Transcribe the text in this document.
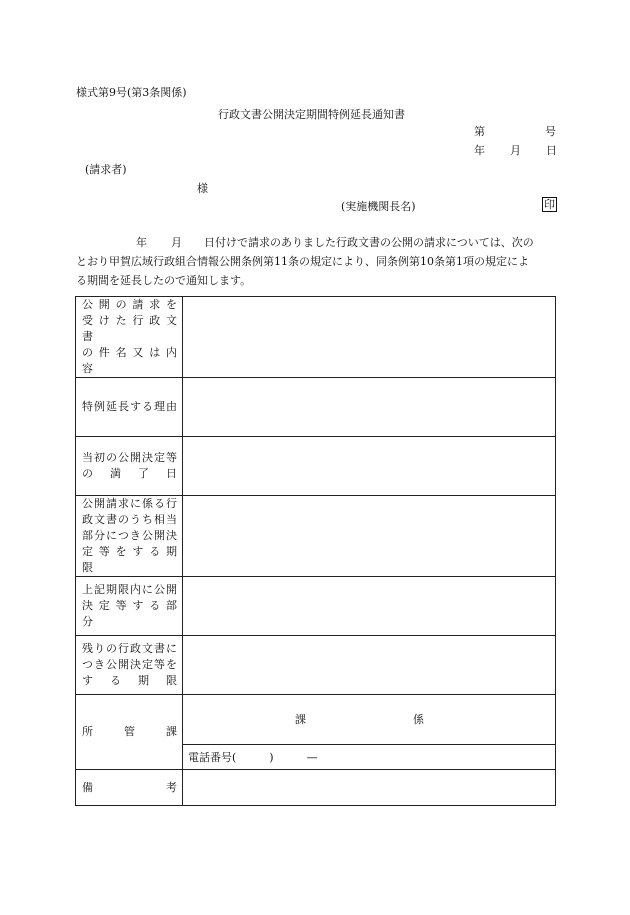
様式第9号(第3条関係)
行政文書公開決定期間特例延長通知書
第	号
年 月 日
(請求者)
様
(実施機関長名)	印
年 月 日付けで請求のありました行政文書の公開の請求については、次の
とおり甲賀広域行政組合情報公開条例第11条の規定により、同条例第10条第1項の規定によ
る期間を延長したので通知します。
公 開 の 請 求 を
受 け た 行 政 文 書
の 件 名 又 は 内 容	

特例延長する理由	

当初の公開決定等
の満了日	

公開請求に係る行
政文書のうち相当
部分につき公開決
定 等 を す る 期 限	

上記期限内に公開
決 定 等 す る 部 分	

残りの行政文書に
つき公開決定等を
する期限	

所管課	課 係

	電話番号(　　　)　　　—

備考	
